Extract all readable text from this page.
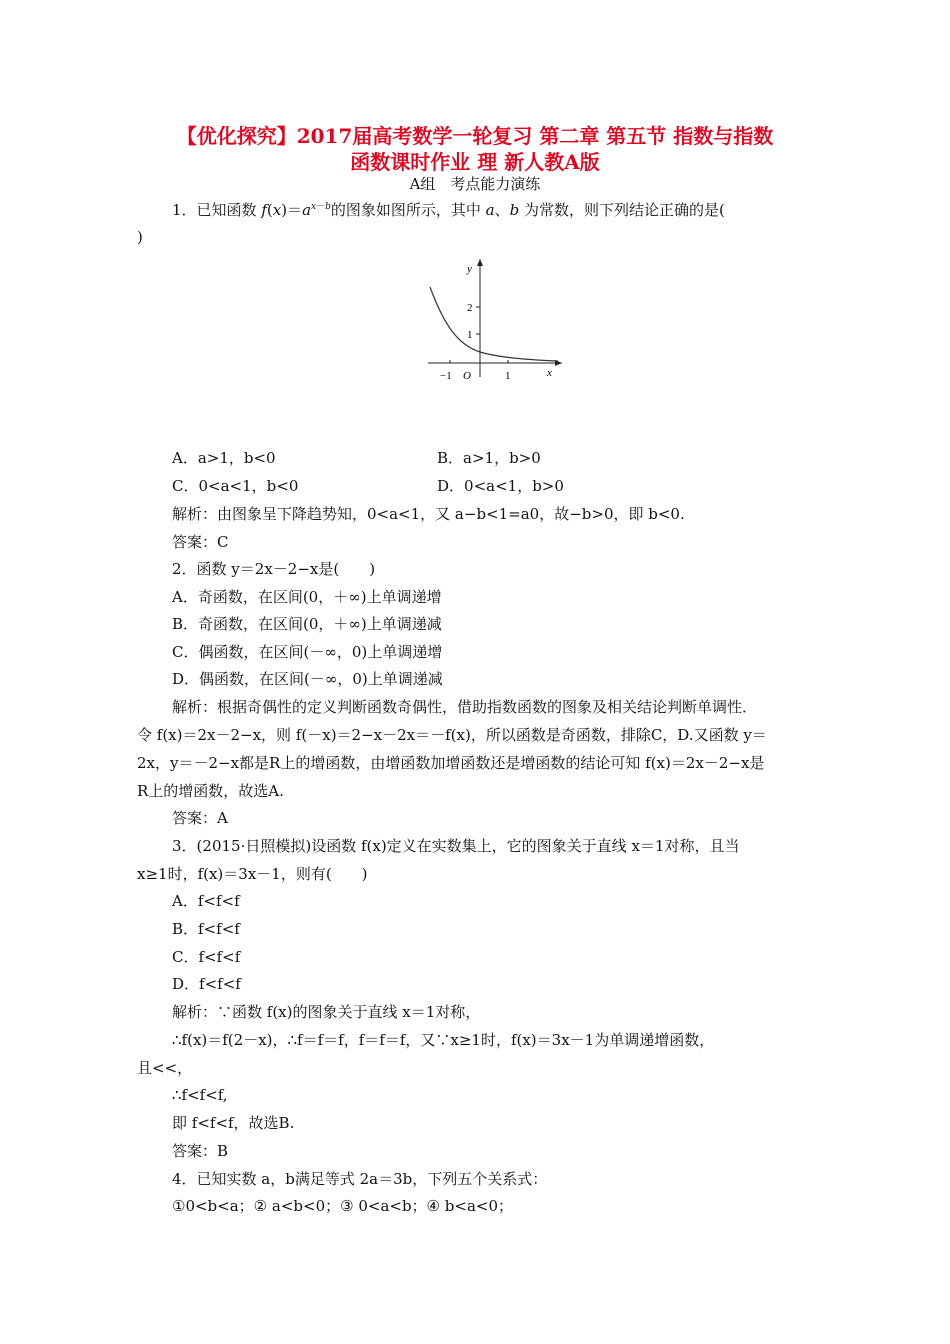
【优化探究】2017届高考数学一轮复习 第二章 第五节 指数与指数
函数课时作业 理 新人教A版
A组　考点能力演练
1．已知函数 $f(x)=a^{x-b}$的图象如图所示，其中 a、b 为常数，则下列结论正确的是(
)
y
x
2
1
−1	1
O
A．a>1，b<0	B．a>1，b>0
C．0<a<1，b<0	D．0<a<1，b>0
解析：由图象呈下降趋势知，0<a<1，又 a−b<1=a0，故−b>0，即 b<0.
答案：C
2．函数 y＝2x－2−x是(　　)
A．奇函数，在区间(0，＋∞)上单调递增
B．奇函数，在区间(0，＋∞)上单调递减
C．偶函数，在区间(－∞，0)上单调递增
D．偶函数，在区间(－∞，0)上单调递减
解析：根据奇偶性的定义判断函数奇偶性，借助指数函数的图象及相关结论判断单调性．
令 f(x)＝2x－2−x，则 f(－x)＝2−x－2x＝－f(x)，所以函数是奇函数，排除C，D.又函数 y＝
2x，y＝－2−x都是R上的增函数，由增函数加增函数还是增函数的结论可知 f(x)＝2x－2−x是
R上的增函数，故选A.
答案：A
3．(2015·日照模拟)设函数 f(x)定义在实数集上，它的图象关于直线 x＝1对称，且当
x≥1时，f(x)＝3x－1，则有(　　)
A．f<f<f
B．f<f<f
C．f<f<f
D．f<f<f
解析：∵函数 f(x)的图象关于直线 x＝1对称，
∴f(x)＝f(2－x)，∴f＝f＝f，f＝f＝f，又∵x≥1时，f(x)＝3x－1为单调递增函数，
且<<，
∴f<f<f,
即 f<f<f，故选B.
答案：B
4．已知实数 a，b满足等式 2a＝3b，下列五个关系式：
①0<b<a；② a<b<0；③ 0<a<b；④ b<a<0；
